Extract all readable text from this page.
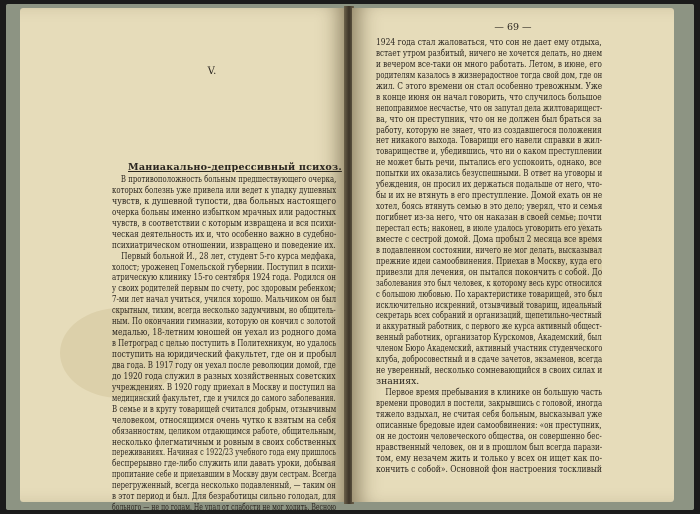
V.
Маниакально-депрессивный психоз.
В противоположность больным предшествующего очерка,
которых болезнь уже привела или ведет к упадку душевных
чувств, к душевной тупости, два больных настоящего
очерка больны именно избытком мрачных или радостных
чувств, в соответствии с которым извращена и вся психи-
ческая деятельность их и, что особенно важно в судебно-
психиатрическом отношении, извращено и поведение их.
Первый больной И., 28 лет, студент 5-го курса медфака,
холост; уроженец Гомельской губернии. Поступил в психи-
атрическую клинику 15-го сентября 1924 года. Родился он
у своих родителей первым по счету, рос здоровым ребенком;
7-ми лет начал учиться, учился хорошо. Мальчиком он был
скрытным, тихим, всегда несколько задумчивым, но общитель-
ным. По окончании гимназии, которую он кончил с золотой
медалью, 18-летним юношей он уехал из родного дома
в Петроград с целью поступить в Политехникум, но удалось
поступить на юридический факультет, где он и пробыл
два года. В 1917 году он уехал после революции домой, где
до 1920 года служил в разных хозяйственных советских
учреждениях. В 1920 году приехал в Москву и поступил на
медицинский факультет, где и учился до самого заболевания.
В семье и в кругу товарищей считался добрым, отзывчивым
человеком, относящимся очень чутко к взятым на себя
обязанностям, целиком отдающимся работе, общительным,
несколько флегматичным и ровным в своих собственных
переживаниях. Начиная с 1922/23 учебного года ему пришлось
беспрерывно где-либо служить или давать уроки, добывая
пропитание себе и приехавшим в Москву двум сестрам. Всегда
перегруженный, всегда несколько подавленный, — таким он
в этот период и был. Для безработицы сильно голодал, для
больного — не по годам. Не упал от слабости не мог ходить. Весною
— 69 —
1924 года стал жаловаться, что сон не дает ему отдыха,
встает утром разбитый, ничего не хочется делать, но днем
и вечером все-таки он много работать. Летом, в июне, его
родителям казалось в жизнерадостное тогда свой дом, где он
жил. С этого времени он стал особенно тревожным. Уже
в конце июня он начал говорить, что случилось большое
непоправимое несчастье, что он запутал дела жилтоварищест-
ва, что он преступник, что он не должен был браться за
работу, которую не знает, что из создавшегося положения
нет никакого выхода. Товарищи его навели справки в жил-
товариществе и, убедившись, что ни о каком преступлении
не может быть речи, пытались его успокоить, однако, все
попытки их оказались безуспешными. В ответ на уговоры и
убеждения, он просил их держаться подальше от него, что-
бы и их не втянуть в его преступление. Домой ехать он не
хотел, боясь втянуть семью в это дело; уверял, что и семья
погибнет из-за него, что он наказан в своей семье; почти
перестал есть; наконец, в июле удалось уговорить его уехать
вместе с сестрой домой. Дома пробыл 2 месяца все время
в подавленном состоянии, ничего не мог делать, высказывал
прежние идеи самообвинения. Приехав в Москву, куда его
привезли для лечения, он пытался покончить с собой. До
заболевания это был человек, к которому весь курс относился
с большою любовью. По характеристике товарищей, это был
исключительно искренний, отзывчивый товарищ, идеальный
секретарь всех собраний и организаций, щепетильно-честный
и аккуратный работник, с первого же курса активный общест-
венный работник, организатор Курскомов, Академский, был
членом Бюро Академский, активный участник студенческого
клуба, добросовестный и в сдаче зачетов, экзаменов, всегда
не уверенный, несколько сомневающийся в своих силах и
знаниях.
Первое время пребывания в клинике он большую часть
времени проводил в постели, закрывшись с головой, иногда
тяжело вздыхал, не считая себя больным, высказывал уже
описанные бредовые идеи самообвинения: «он преступник,
он не достоин человеческого общества, он совершенно бес-
нравственный человек, он и в прошлом был всегда парази-
том, ему незачем жить и только у всех он ищет как по-
кончить с собой». Основной фон настроения тоскливый
